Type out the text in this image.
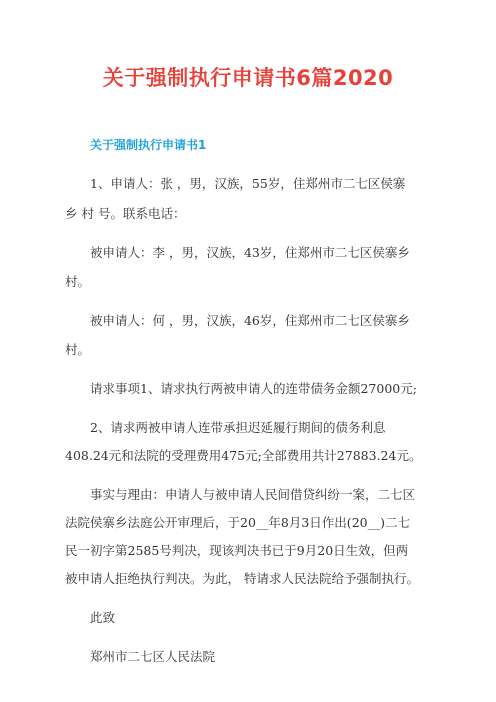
关于强制执行申请书6篇2020
关于强制执行申请书1
1、申请人：张 ，男，汉族，55岁，住郑州市二七区侯寨
乡 村 号。联系电话：
被申请人：李 ，男，汉族，43岁，住郑州市二七区侯寨乡
村。
被申请人：何 ，男，汉族，46岁，住郑州市二七区侯寨乡
村。
请求事项1、请求执行两被申请人的连带债务金额27000元;
2、请求两被申请人连带承担迟延履行期间的债务利息
408.24元和法院的受理费用475元;全部费用共计27883.24元。
事实与理由：申请人与被申请人民间借贷纠纷一案，二七区
法院侯寨乡法庭公开审理后，于20__年8月3日作出(20__)二七
民一初字第2585号判决，现该判决书已于9月20日生效，但两
被申请人拒绝执行判决。为此， 特请求人民法院给予强制执行。
此致
郑州市二七区人民法院
